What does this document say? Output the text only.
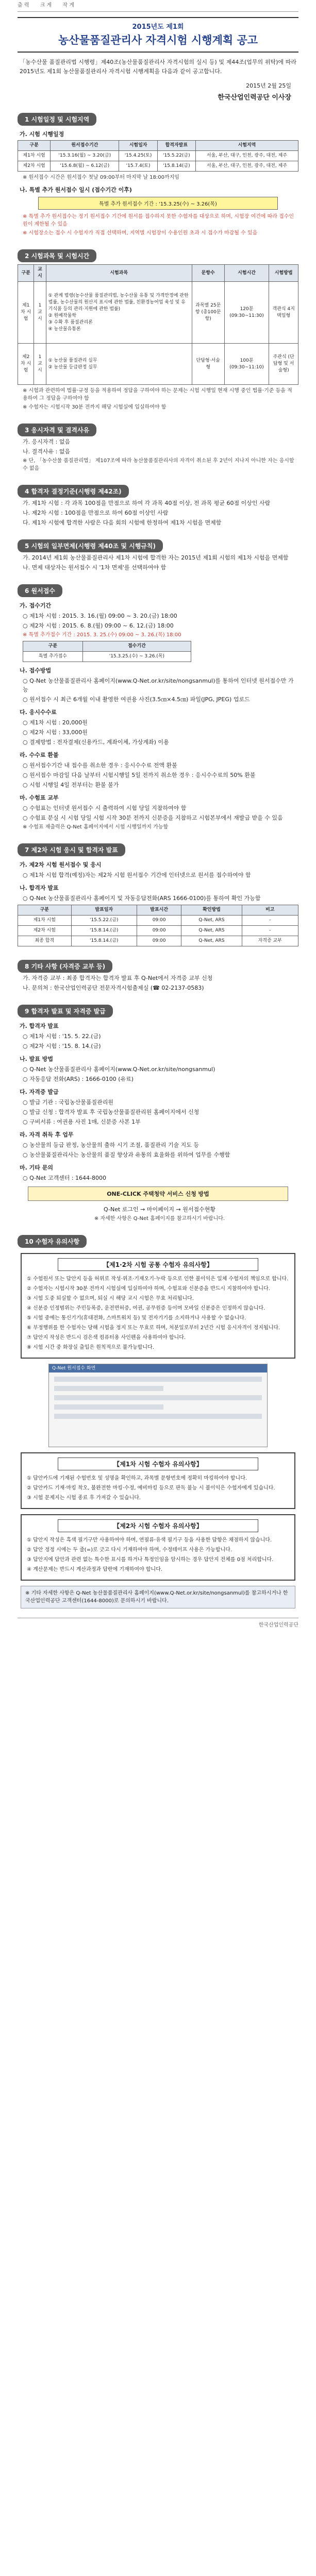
출 력 크 게 작 게
2015년도 제1회
농산물품질관리사 자격시험 시행계획 공고
「농수산물 품질관리법 시행령」제40조(농산물품질관리사 자격시험의 실시 등) 및 제44조(업무의 위탁)에 따라 2015년도 제1회 농산물품질관리사 자격시험 시행계획을 다음과 같이 공고합니다.
2015년 2월 25일
한국산업인력공단 이사장
1 시험일정 및 시험지역
가. 시험 시행일정
구분	원서접수기간	시험일자	합격자발표	시험지역
제1차 시험	'15.3.16(월) ~ 3.20(금)	'15.4.25(토)	'15.5.22(금)	서울, 부산, 대구, 인천, 광주, 대전, 제주
제2차 시험	'15.6.8(월) ~ 6.12(금)	'15.7.4(토)	'15.8.14(금)	서울, 부산, 대구, 인천, 광주, 대전, 제주
※ 원서접수 시간은 원서접수 첫날 09:00부터 마지막 날 18:00까지임
나. 특별 추가 원서접수 일시 (접수기간 이후)
특별 추가 원서접수 기간 : '15.3.25(수) ~ 3.26(목)
※ 특별 추가 원서접수는 정기 원서접수 기간에 원서를 접수하지 못한 수험자를 대상으로 하며, 시험장 여건에 따라 접수인원이 제한될 수 있음
※ 시험장소는 접수 시 수험자가 직접 선택하며, 지역별 시험장이 수용인원 초과 시 접수가 마감될 수 있음
2 시험과목 및 시험시간
구분	교시	시험과목	문항수	시험시간	시험방법
제1차 시험	1교시	① 관계 법령(농수산물 품질관리법, 농수산물 유통 및 가격안정에 관한 법률, 농수산물의 원산지 표시에 관한 법률, 친환경농어업 육성 및 유기식품 등의 관리·지원에 관한 법률)
② 원예작물학
③ 수확 후 품질관리론
④ 농산물유통론	과목별 25문항 (총100문항)	120분 (09:30~11:30)	객관식 4지 택일형
제2차 시험	1교시	① 농산물 품질관리 실무
② 농산물 등급판정 실무	단답형·서술형	100분 (09:30~11:10)	주관식 (단답형 및 서술형)
※ 시험과 관련하여 법률·규정 등을 적용하여 정답을 구하여야 하는 문제는 시험 시행일 현재 시행 중인 법률·기준 등을 적용하여 그 정답을 구하여야 함
※ 수험자는 시험시작 30분 전까지 해당 시험실에 입실하여야 함
3 응시자격 및 결격사유
가. 응시자격 : 없음
나. 결격사유 : 없음
※ 단, 「농수산물 품질관리법」 제107조에 따라 농산물품질관리사의 자격이 취소된 후 2년이 지나지 아니한 자는 응시할 수 없음
4 합격자 결정기준(시행령 제42조)
가. 제1차 시험 : 각 과목 100점을 만점으로 하여 각 과목 40점 이상, 전 과목 평균 60점 이상인 사람
나. 제2차 시험 : 100점을 만점으로 하여 60점 이상인 사람
다. 제1차 시험에 합격한 사람은 다음 회의 시험에 한정하여 제1차 시험을 면제함
5 시험의 일부면제(시행령 제40조 및 시행규칙)
가. 2014년 제1회 농산물품질관리사 제1차 시험에 합격한 자는 2015년 제1회 시험의 제1차 시험을 면제함
나. 면제 대상자는 원서접수 시 '1차 면제'를 선택하여야 함
6 원서접수
가. 접수기간
○ 제1차 시험 : 2015. 3. 16.(월) 09:00 ~ 3. 20.(금) 18:00
○ 제2차 시험 : 2015. 6. 8.(월) 09:00 ~ 6. 12.(금) 18:00
※ 특별 추가접수 기간 : 2015. 3. 25.(수) 09:00 ~ 3. 26.(목) 18:00
구분	접수기간
특별 추가접수	'15.3.25.(수) ~ 3.26.(목)
나. 접수방법
○ Q-Net 농산물품질관리사 홈페이지(www.Q-Net.or.kr/site/nongsanmul)를 통하여 인터넷 원서접수만 가능
○ 원서접수 시 최근 6개월 이내 촬영한 여권용 사진(3.5㎝×4.5㎝) 파일(JPG, JPEG) 업로드
다. 응시수수료
○ 제1차 시험 : 20,000원
○ 제2차 시험 : 33,000원
○ 결제방법 : 전자결제(신용카드, 계좌이체, 가상계좌) 이용
라. 수수료 환불
○ 원서접수기간 내 접수를 취소한 경우 : 응시수수료 전액 환불
○ 원서접수 마감일 다음 날부터 시험시행일 5일 전까지 취소한 경우 : 응시수수료의 50% 환불
○ 시험 시행일 4일 전부터는 환불 불가
마. 수험표 교부
○ 수험표는 인터넷 원서접수 시 출력하여 시험 당일 지참하여야 함
○ 수험표 분실 시 시험 당일 시험 시작 30분 전까지 신분증을 지참하고 시험본부에서 재발급 받을 수 있음
※ 수험표 재출력은 Q-Net 홈페이지에서 시험 시행일까지 가능함
7 제2차 시험 응시 및 합격자 발표
가. 제2차 시험 원서접수 및 응시
○ 제1차 시험 합격(예정)자는 제2차 시험 원서접수 기간에 인터넷으로 원서를 접수하여야 함
나. 합격자 발표
○ Q-Net 농산물품질관리사 홈페이지 및 자동응답전화(ARS 1666-0100)를 통하여 확인 가능함
구분	발표일자	발표시간	확인방법	비고
제1차 시험	'15.5.22.(금)	09:00	Q-Net, ARS	-
제2차 시험	'15.8.14.(금)	09:00	Q-Net, ARS	-
최종 합격	'15.8.14.(금)	09:00	Q-Net, ARS	자격증 교부
8 기타 사항 (자격증 교부 등)
가. 자격증 교부 : 최종 합격자는 합격자 발표 후 Q-Net에서 자격증 교부 신청
나. 문의처 : 한국산업인력공단 전문자격시험출제실 (☎ 02-2137-0583)
9 합격자 발표 및 자격증 발급
가. 합격자 발표
○ 제1차 시험 : '15. 5. 22.(금)
○ 제2차 시험 : '15. 8. 14.(금)
나. 발표 방법
○ Q-Net 농산물품질관리사 홈페이지(www.Q-Net.or.kr/site/nongsanmul)
○ 자동응답 전화(ARS) : 1666-0100 (유료)
다. 자격증 발급
○ 발급 기관 : 국립농산물품질관리원
○ 발급 신청 : 합격자 발표 후 국립농산물품질관리원 홈페이지에서 신청
○ 구비서류 : 여권용 사진 1매, 신분증 사본 1부
라. 자격 취득 후 업무
○ 농산물의 등급 판정, 농산물의 출하 시기 조절, 품질관리 기술 지도 등
○ 농산물품질관리사는 농산물의 품질 향상과 유통의 효율화를 위하여 업무를 수행함
마. 기타 문의
○ Q-Net 고객센터 : 1644-8000
ONE-CLICK 주택청약 서비스 신청 방법
Q-Net 로그인 → 마이페이지 → 원서접수현황
※ 자세한 사항은 Q-Net 홈페이지를 참고하시기 바랍니다.
10 수험자 유의사항
【제1·2차 시험 공통 수험자 유의사항】
① 수험원서 또는 답안지 등을 허위로 작성·위조·기재오기·누락 등으로 인한 불이익은 일체 수험자의 책임으로 합니다.
② 수험자는 시험시작 30분 전까지 시험실에 입실하여야 하며, 수험표와 신분증을 반드시 지참하여야 합니다.
③ 시험 도중 퇴실할 수 없으며, 퇴실 시 해당 교시 시험은 무효 처리됩니다.
④ 신분증 인정범위는 주민등록증, 운전면허증, 여권, 공무원증 등이며 모바일 신분증은 인정하지 않습니다.
⑤ 시험 중에는 통신기기(휴대전화, 스마트워치 등) 및 전자기기를 소지하거나 사용할 수 없습니다.
⑥ 부정행위를 한 수험자는 당해 시험을 정지 또는 무효로 하며, 처분일로부터 2년간 시험 응시자격이 정지됩니다.
⑦ 답안지 작성은 반드시 검은색 컴퓨터용 사인펜을 사용하여야 합니다.
⑧ 시험 시간 중 화장실 출입은 원칙적으로 불가능합니다.
Q-Net 원서접수 화면
【제1차 시험 수험자 유의사항】
① 답안카드에 기재된 수험번호 및 성명을 확인하고, 과목별 문항번호에 정확히 마킹하여야 합니다.
② 답안카드 기재·마킹 착오, 불완전한 마킹·수정, 예비마킹 등으로 판독 불능 시 불이익은 수험자에게 있습니다.
③ 시험 문제지는 시험 종료 후 가져갈 수 있습니다.
【제2차 시험 수험자 유의사항】
① 답안지 작성은 흑색 필기구만 사용하여야 하며, 연필류·유색 필기구 등을 사용한 답항은 채점하지 않습니다.
② 답안 정정 시에는 두 줄(=)로 긋고 다시 기재하여야 하며, 수정테이프 사용은 가능합니다.
③ 답안지에 답안과 관련 없는 특수한 표시를 하거나 특정인임을 암시하는 경우 답안지 전체를 0점 처리합니다.
④ 계산문제는 반드시 계산과정과 답란에 기재하여야 합니다.
※ 기타 자세한 사항은 Q-Net 농산물품질관리사 홈페이지(www.Q-Net.or.kr/site/nongsanmul)를 참고하시거나 한국산업인력공단 고객센터(1644-8000)로 문의하시기 바랍니다.
한국산업인력공단
